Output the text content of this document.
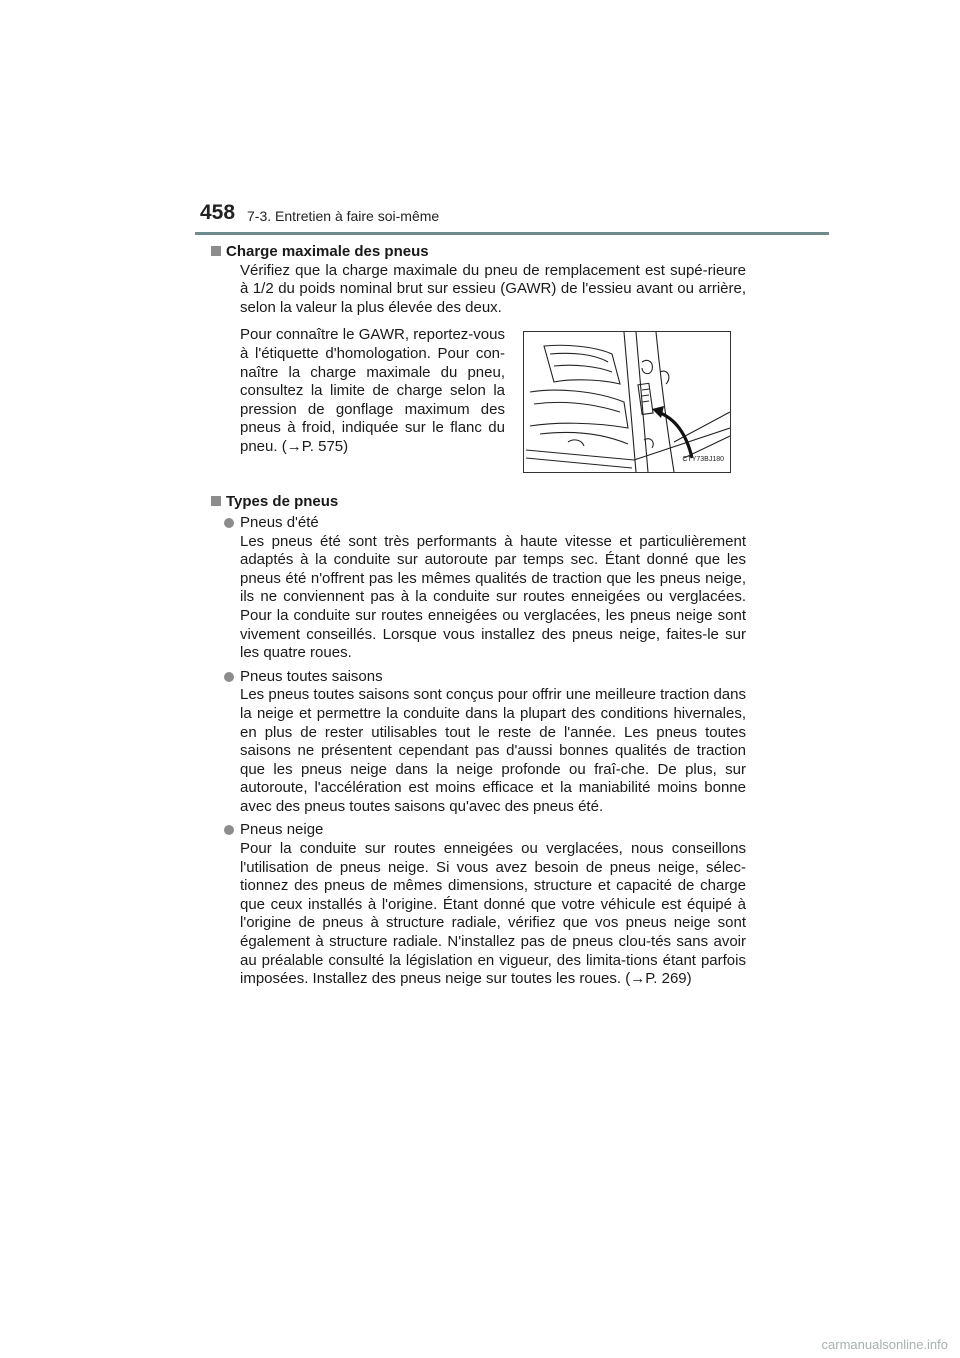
458 7-3. Entretien à faire soi-même
Charge maximale des pneus

Vérifiez que la charge maximale du pneu de remplacement est supé-rieure à 1/2 du poids nominal brut sur essieu (GAWR) de l'essieu avant ou arrière, selon la valeur la plus élevée des deux.

Pour connaître le GAWR, reportez-vous à l'étiquette d'homologation. Pour con-naître la charge maximale du pneu, consultez la limite de charge selon la pression de gonflage maximum des pneus à froid, indiquée sur le flanc du pneu. (→P. 575)

CTY73BJ180
Types de pneus
Pneus d'été

Les pneus été sont très performants à haute vitesse et particulièrement adaptés à la conduite sur autoroute par temps sec. Étant donné que les pneus été n'offrent pas les mêmes qualités de traction que les pneus neige, ils ne conviennent pas à la conduite sur routes enneigées ou verglacées. Pour la conduite sur routes enneigées ou verglacées, les pneus neige sont vivement conseillés. Lorsque vous installez des pneus neige, faites-le sur les quatre roues.

Pneus toutes saisons

Les pneus toutes saisons sont conçus pour offrir une meilleure traction dans la neige et permettre la conduite dans la plupart des conditions hivernales, en plus de rester utilisables tout le reste de l'année. Les pneus toutes saisons ne présentent cependant pas d'aussi bonnes qualités de traction que les pneus neige dans la neige profonde ou fraî-che. De plus, sur autoroute, l'accélération est moins efficace et la maniabilité moins bonne avec des pneus toutes saisons qu'avec des pneus été.

Pneus neige

Pour la conduite sur routes enneigées ou verglacées, nous conseillons l'utilisation de pneus neige. Si vous avez besoin de pneus neige, sélec-tionnez des pneus de mêmes dimensions, structure et capacité de charge que ceux installés à l'origine. Étant donné que votre véhicule est équipé à l'origine de pneus à structure radiale, vérifiez que vos pneus neige sont également à structure radiale. N'installez pas de pneus clou-tés sans avoir au préalable consulté la législation en vigueur, des limita-tions étant parfois imposées. Installez des pneus neige sur toutes les roues. (→P. 269)

carmanualsonline.info
